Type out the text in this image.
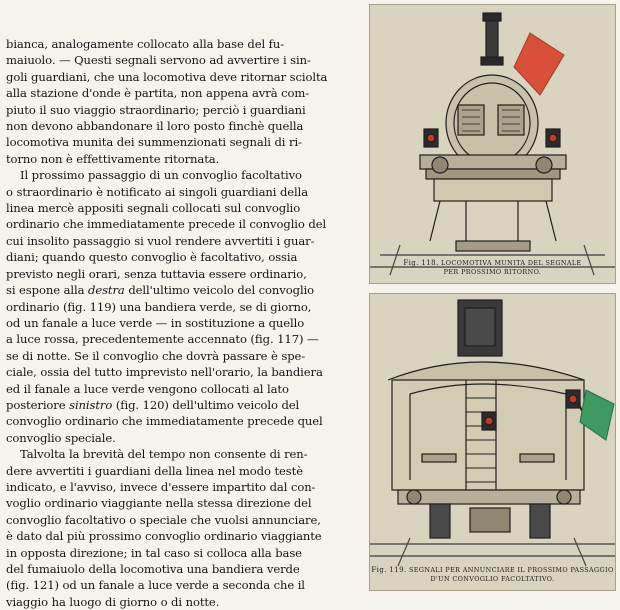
bianca, analogamente collocato alla base del fu-
maiuolo. — Questi segnali servono ad avvertire i sin-
goli guardiani, che una locomotiva deve ritornar sciolta
alla stazione d'onde è partita, non appena avrà com-
piuto il suo viaggio straordinario; perciò i guardiani
non devono abbandonare il loro posto finchè quella
locomotiva munita dei summenzionati segnali di ri-
torno non è effettivamente ritornata.

Il prossimo passaggio di un convoglio facoltativo
o straordinario è notificato ai singoli guardiani della
linea mercè appositi segnali collocati sul convoglio
ordinario che immediatamente precede il convoglio del
cui insolito passaggio si vuol rendere avvertiti i guar-
diani; quando questo convoglio è facoltativo, ossia
previsto negli orari, senza tuttavia essere ordinario,
si espone alla destra dell'ultimo veicolo del convoglio
ordinario (fig. 119) una bandiera verde, se di giorno,
od un fanale a luce verde — in sostituzione a quello
a luce rossa, precedentemente accennato (fig. 117) —
se di notte. Se il convoglio che dovrà passare è spe-
ciale, ossia del tutto imprevisto nell'orario, la bandiera
ed il fanale a luce verde vengono collocati al lato
posteriore sinistro (fig. 120) dell'ultimo veicolo del
convoglio ordinario che immediatamente precede quel
convoglio speciale.

Talvolta la brevità del tempo non consente di ren-
dere avvertiti i guardiani della linea nel modo testè
indicato, e l'avviso, invece d'essere impartito dal con-
voglio ordinario viaggiante nella stessa direzione del
convoglio facoltativo o speciale che vuolsi annunciare,
è dato dal più prossimo convoglio ordinario viaggiante
in opposta direzione; in tal caso si colloca alla base
del fumaiuolo della locomotiva una bandiera verde
(fig. 121) od un fanale a luce verde a seconda che il
viaggio ha luogo di giorno o di notte.

Fig. 118. LOCOMOTIVA MUNITA DEL SEGNALE
PER PROSSIMO RITORNO.
Fig. 119. SEGNALI PER ANNUNCIARE IL PROSSIMO PASSAGGIO
D'UN CONVOGLIO FACOLTATIVO.
